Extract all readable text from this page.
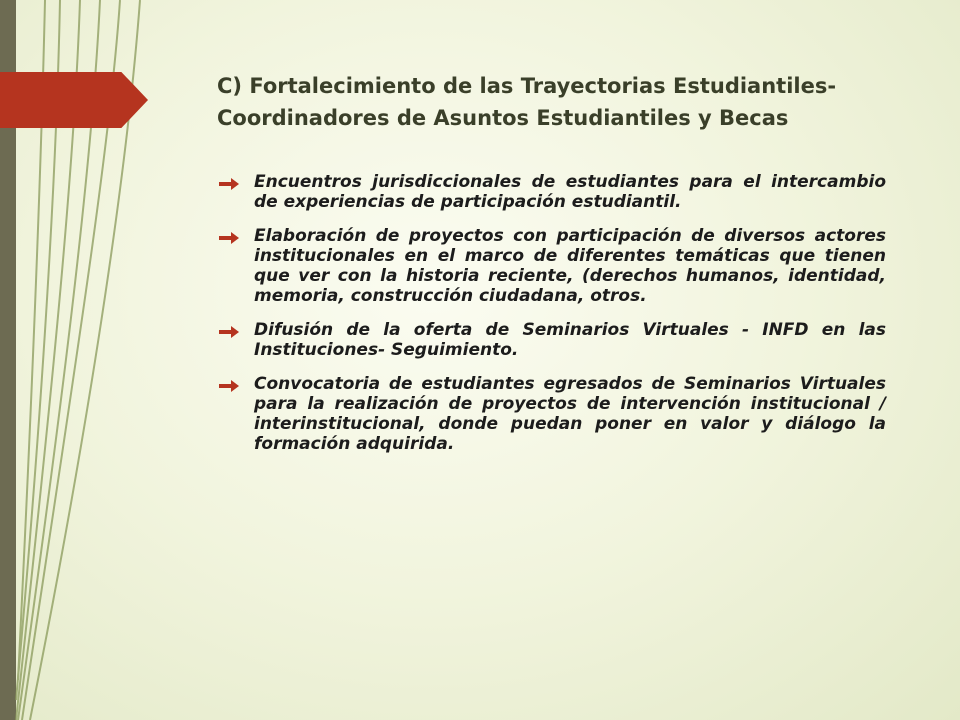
C) Fortalecimiento de las Trayectorias Estudiantiles-
Coordinadores de Asuntos Estudiantiles y Becas

Encuentros jurisdiccionales de estudiantes para el intercambio de experiencias de participación estudiantil.

Elaboración de proyectos con participación de diversos actores institucionales en el marco de diferentes temáticas que tienen que ver con la historia reciente, (derechos humanos, identidad, memoria, construcción ciudadana, otros.

Difusión de la oferta de Seminarios Virtuales - INFD en las Instituciones- Seguimiento.

Convocatoria de estudiantes egresados de Seminarios Virtuales para la realización de proyectos de intervención institucional / interinstitucional, donde puedan poner en valor y diálogo la formación adquirida.
